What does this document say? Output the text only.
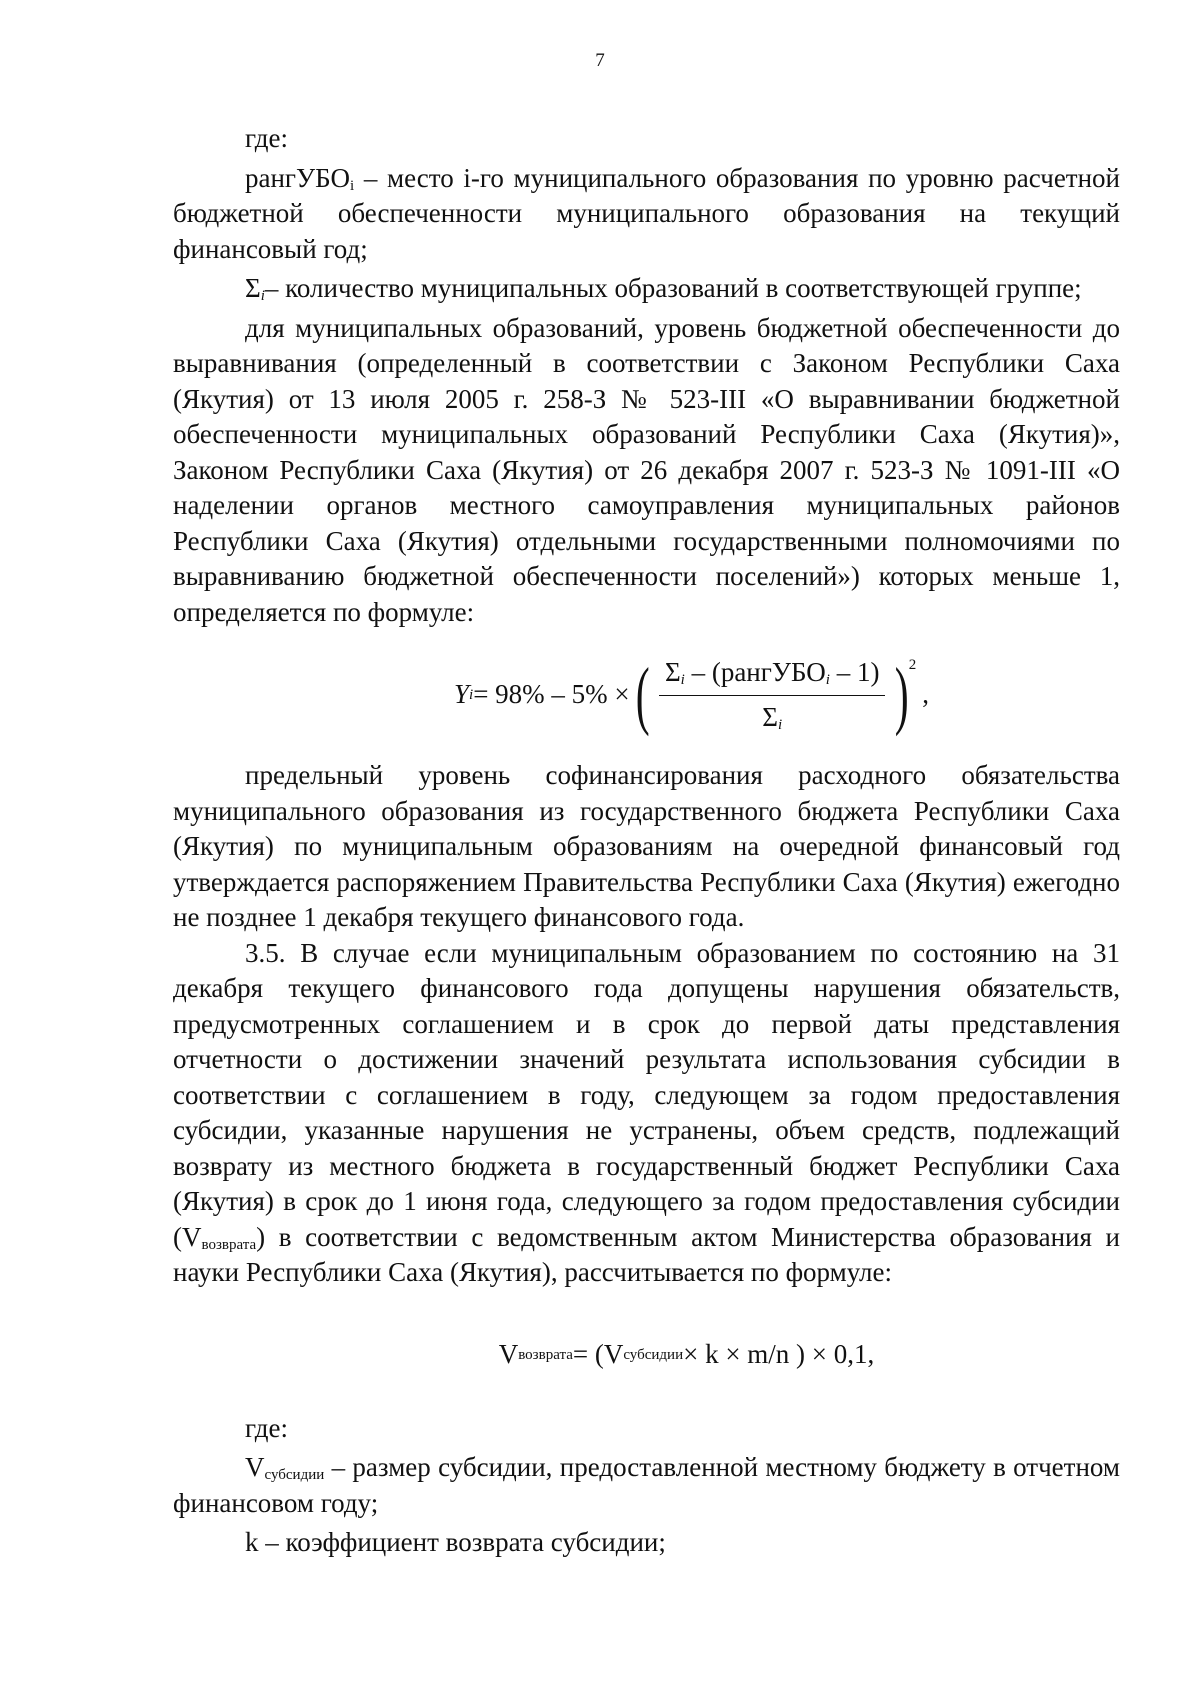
7

где:

рангУБО$_i$ – место i-го муниципального образования по уровню расчетной бюджетной обеспеченности муниципального образования на текущий финансовый год;

$\Sigma_i-$ количество муниципальных образований в соответствующей группе;

для муниципальных образований, уровень бюджетной обеспеченности до выравнивания (определенный в соответствии с Законом Республики Саха (Якутия) от 13 июля 2005 г. 258-З № 523-III «О выравнивании бюджетной обеспеченности муниципальных образований Республики Саха (Якутия)», Законом Республики Саха (Якутия) от 26 декабря 2007 г. 523-З № 1091-III «О наделении органов местного самоуправления муниципальных районов Республики Саха (Якутия) отдельными государственными полномочиями по выравниванию бюджетной обеспеченности поселений») которых меньше 1, определяется по формуле:

Y i = 98% – 5% × ( $\frac{\Sigma_i - (рангУБО_i - 1)}{\Sigma_i}$ ) 2
,

предельный уровень софинансирования расходного обязательства муниципального образования из государственного бюджета Республики Саха (Якутия) по муниципальным образованиям на очередной финансовый год утверждается распоряжением Правительства Республики Саха (Якутия) ежегодно не позднее 1 декабря текущего финансового года.

3.5. В случае если муниципальным образованием по состоянию на 31 декабря текущего финансового года допущены нарушения обязательств, предусмотренных соглашением и в срок до первой даты представления отчетности о достижении значений результата использования субсидии в соответствии с соглашением в году, следующем за годом предоставления субсидии, указанные нарушения не устранены, объем средств, подлежащий возврату из местного бюджета в государственный бюджет Республики Саха (Якутия) в срок до 1 июня года, следующего за годом предоставления субсидии $(V_{возврата})$ в соответствии с ведомственным актом Министерства образования и науки Республики Саха (Якутия), рассчитывается по формуле:

V возврата = (V субсидии × k × m/n ) × 0,1,

где:

$V_{субсидии}$ – размер субсидии, предоставленной местному бюджету в отчетном финансовом году;

k – коэффициент возврата субсидии;
